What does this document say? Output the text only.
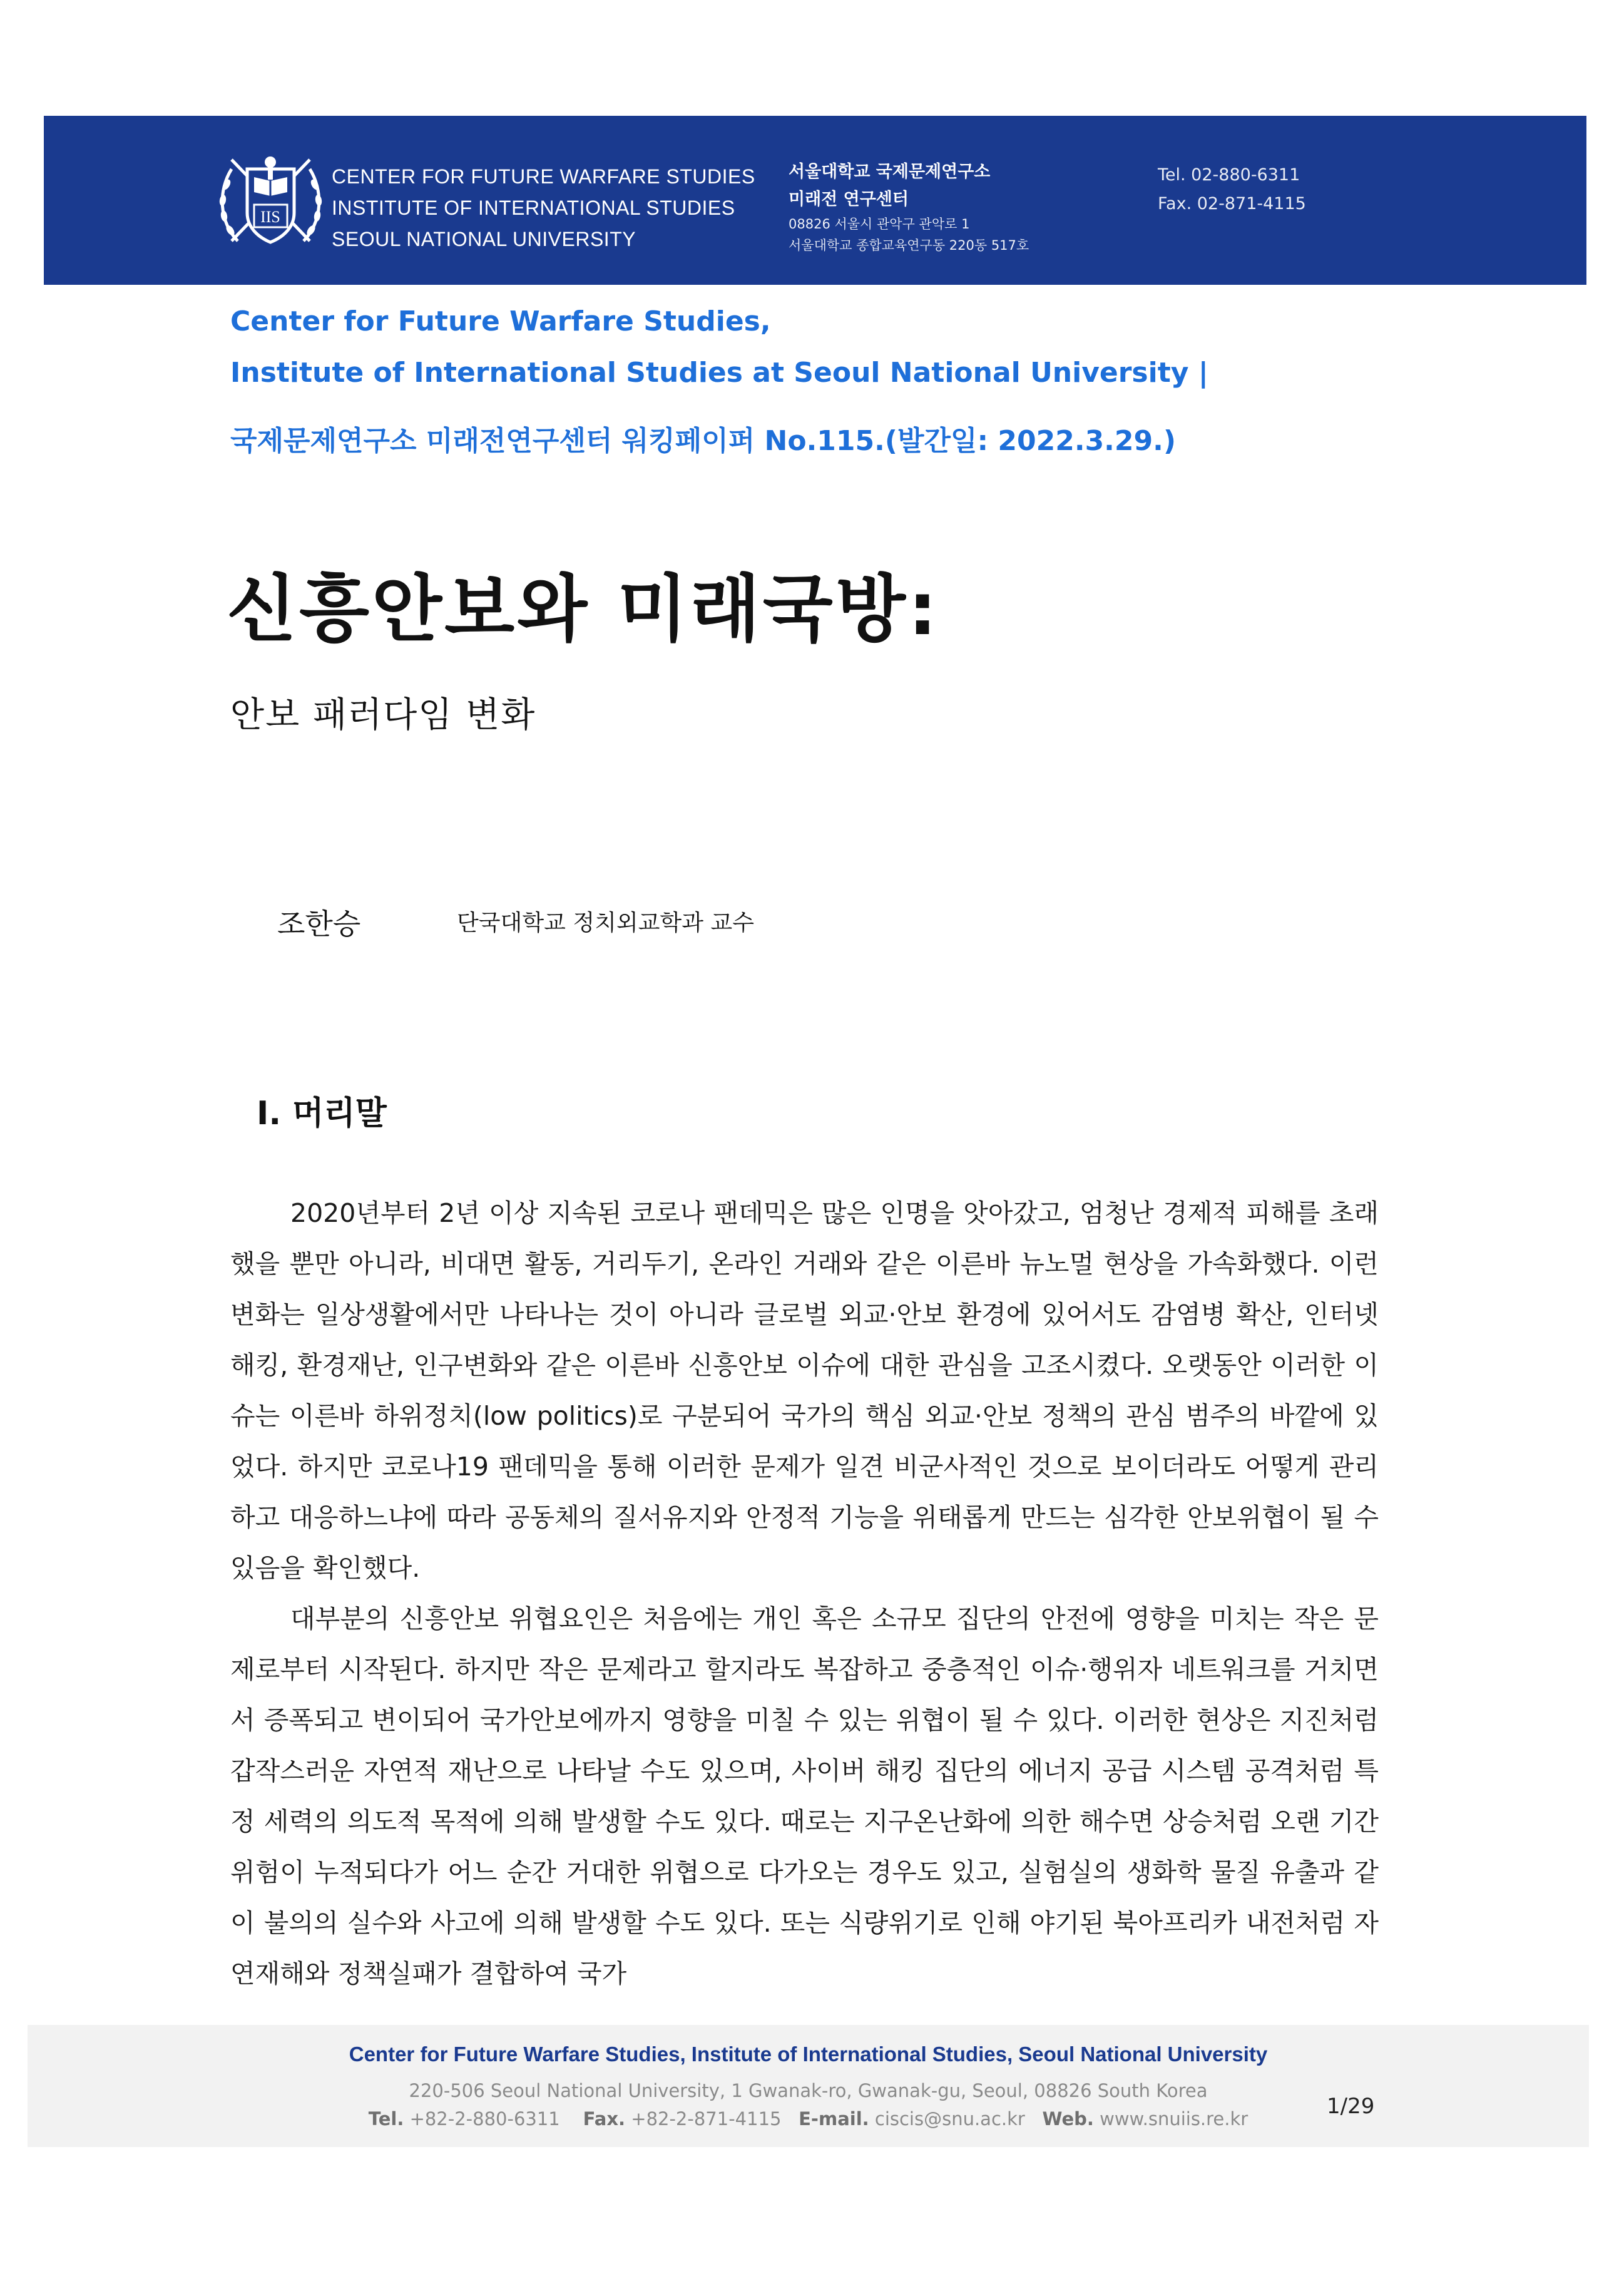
IIS
CENTER FOR FUTURE WARFARE STUDIES
INSTITUTE OF INTERNATIONAL STUDIES
SEOUL NATIONAL UNIVERSITY
서울대학교 국제문제연구소
미래전 연구센터
08826 서울시 관악구 관악로 1
서울대학교 종합교육연구동 220동 517호
Tel. 02-880-6311
Fax. 02-871-4115
Center for Future Warfare Studies,
Institute of International Studies at Seoul National University |
국제문제연구소 미래전연구센터 워킹페이퍼 No.115.(발간일: 2022.3.29.)
신흥안보와 미래국방:
안보 패러다임 변화
조한승	단국대학교 정치외교학과 교수
I. 머리말

2020년부터 2년 이상 지속된 코로나 팬데믹은 많은 인명을 앗아갔고, 엄청난 경제적 피해를 초래했을 뿐만 아니라, 비대면 활동, 거리두기, 온라인 거래와 같은 이른바 뉴노멀 현상을 가속화했다. 이런 변화는 일상생활에서만 나타나는 것이 아니라 글로벌 외교·안보 환경에 있어서도 감염병 확산, 인터넷 해킹, 환경재난, 인구변화와 같은 이른바 신흥안보 이슈에 대한 관심을 고조시켰다. 오랫동안 이러한 이슈는 이른바 하위정치(low politics)로 구분되어 국가의 핵심 외교·안보 정책의 관심 범주의 바깥에 있었다. 하지만 코로나19 팬데믹을 통해 이러한 문제가 일견 비군사적인 것으로 보이더라도 어떻게 관리하고 대응하느냐에 따라 공동체의 질서유지와 안정적 기능을 위태롭게 만드는 심각한 안보위협이 될 수 있음을 확인했다.

대부분의 신흥안보 위협요인은 처음에는 개인 혹은 소규모 집단의 안전에 영향을 미치는 작은 문제로부터 시작된다. 하지만 작은 문제라고 할지라도 복잡하고 중층적인 이슈·행위자 네트워크를 거치면서 증폭되고 변이되어 국가안보에까지 영향을 미칠 수 있는 위협이 될 수 있다. 이러한 현상은 지진처럼 갑작스러운 자연적 재난으로 나타날 수도 있으며, 사이버 해킹 집단의 에너지 공급 시스템 공격처럼 특정 세력의 의도적 목적에 의해 발생할 수도 있다. 때로는 지구온난화에 의한 해수면 상승처럼 오랜 기간 위험이 누적되다가 어느 순간 거대한 위협으로 다가오는 경우도 있고, 실험실의 생화학 물질 유출과 같이 불의의 실수와 사고에 의해 발생할 수도 있다. 또는 식량위기로 인해 야기된 북아프리카 내전처럼 자연재해와 정책실패가 결합하여 국가

Center for Future Warfare Studies, Institute of International Studies, Seoul National University
220-506 Seoul National University, 1 Gwanak-ro, Gwanak-gu, Seoul, 08826 South Korea
Tel. +82-2-880-6311 Fax. +82-2-871-4115 E-mail. ciscis@snu.ac.kr Web. www.snuiis.re.kr	1/29
